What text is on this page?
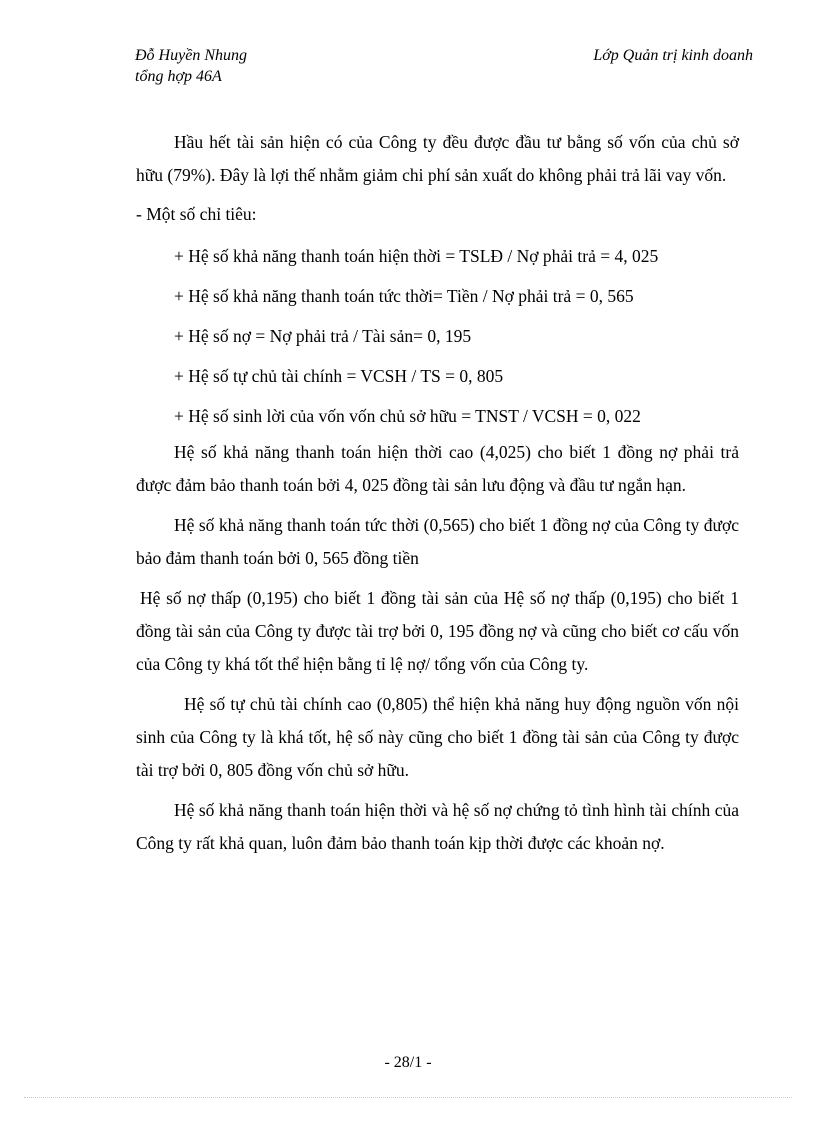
Đỗ Huyền Nhung
tổng hợp 46A
Lớp Quản trị kinh doanh

Hầu hết tài sản hiện có của Công ty đều được đầu tư bằng số vốn của chủ sở hữu (79%). Đây là lợi thế nhằm giảm chi phí sản xuất do không phải trả lãi vay vốn.

- Một số chỉ tiêu:

+ Hệ số khả năng thanh toán hiện thời = TSLĐ / Nợ phải trả = 4, 025

+ Hệ số khả năng thanh toán tức thời= Tiền / Nợ phải trả = 0, 565

+ Hệ số nợ = Nợ phải trả / Tài sản= 0, 195

+ Hệ số tự chủ tài chính = VCSH / TS = 0, 805

+ Hệ số sinh lời của vốn vốn chủ sở hữu = TNST / VCSH = 0, 022

Hệ số khả năng thanh toán hiện thời cao (4,025) cho biết 1 đồng nợ phải trả được đảm bảo thanh toán bởi 4, 025 đồng tài sản lưu động và đầu tư ngắn hạn.

Hệ số khả năng thanh toán tức thời (0,565) cho biết 1 đồng nợ của Công ty được bảo đảm thanh toán bởi 0, 565 đồng tiền

Hệ số nợ thấp (0,195) cho biết 1 đồng tài sản của Hệ số nợ thấp (0,195) cho biết 1 đồng tài sản của Công ty được tài trợ bởi 0, 195 đồng nợ và cũng cho biết cơ cấu vốn của Công ty khá tốt thể hiện bằng tỉ lệ nợ/ tổng vốn của Công ty.

Hệ số tự chủ tài chính cao (0,805) thể hiện khả năng huy động nguồn vốn nội sinh của Công ty là khá tốt, hệ số này cũng cho biết 1 đồng tài sản của Công ty được tài trợ bởi 0, 805 đồng vốn chủ sở hữu.

Hệ số khả năng thanh toán hiện thời và hệ số nợ chứng tỏ tình hình tài chính của Công ty rất khả quan, luôn đảm bảo thanh toán kịp thời được các khoản nợ.

- 28/1 -
